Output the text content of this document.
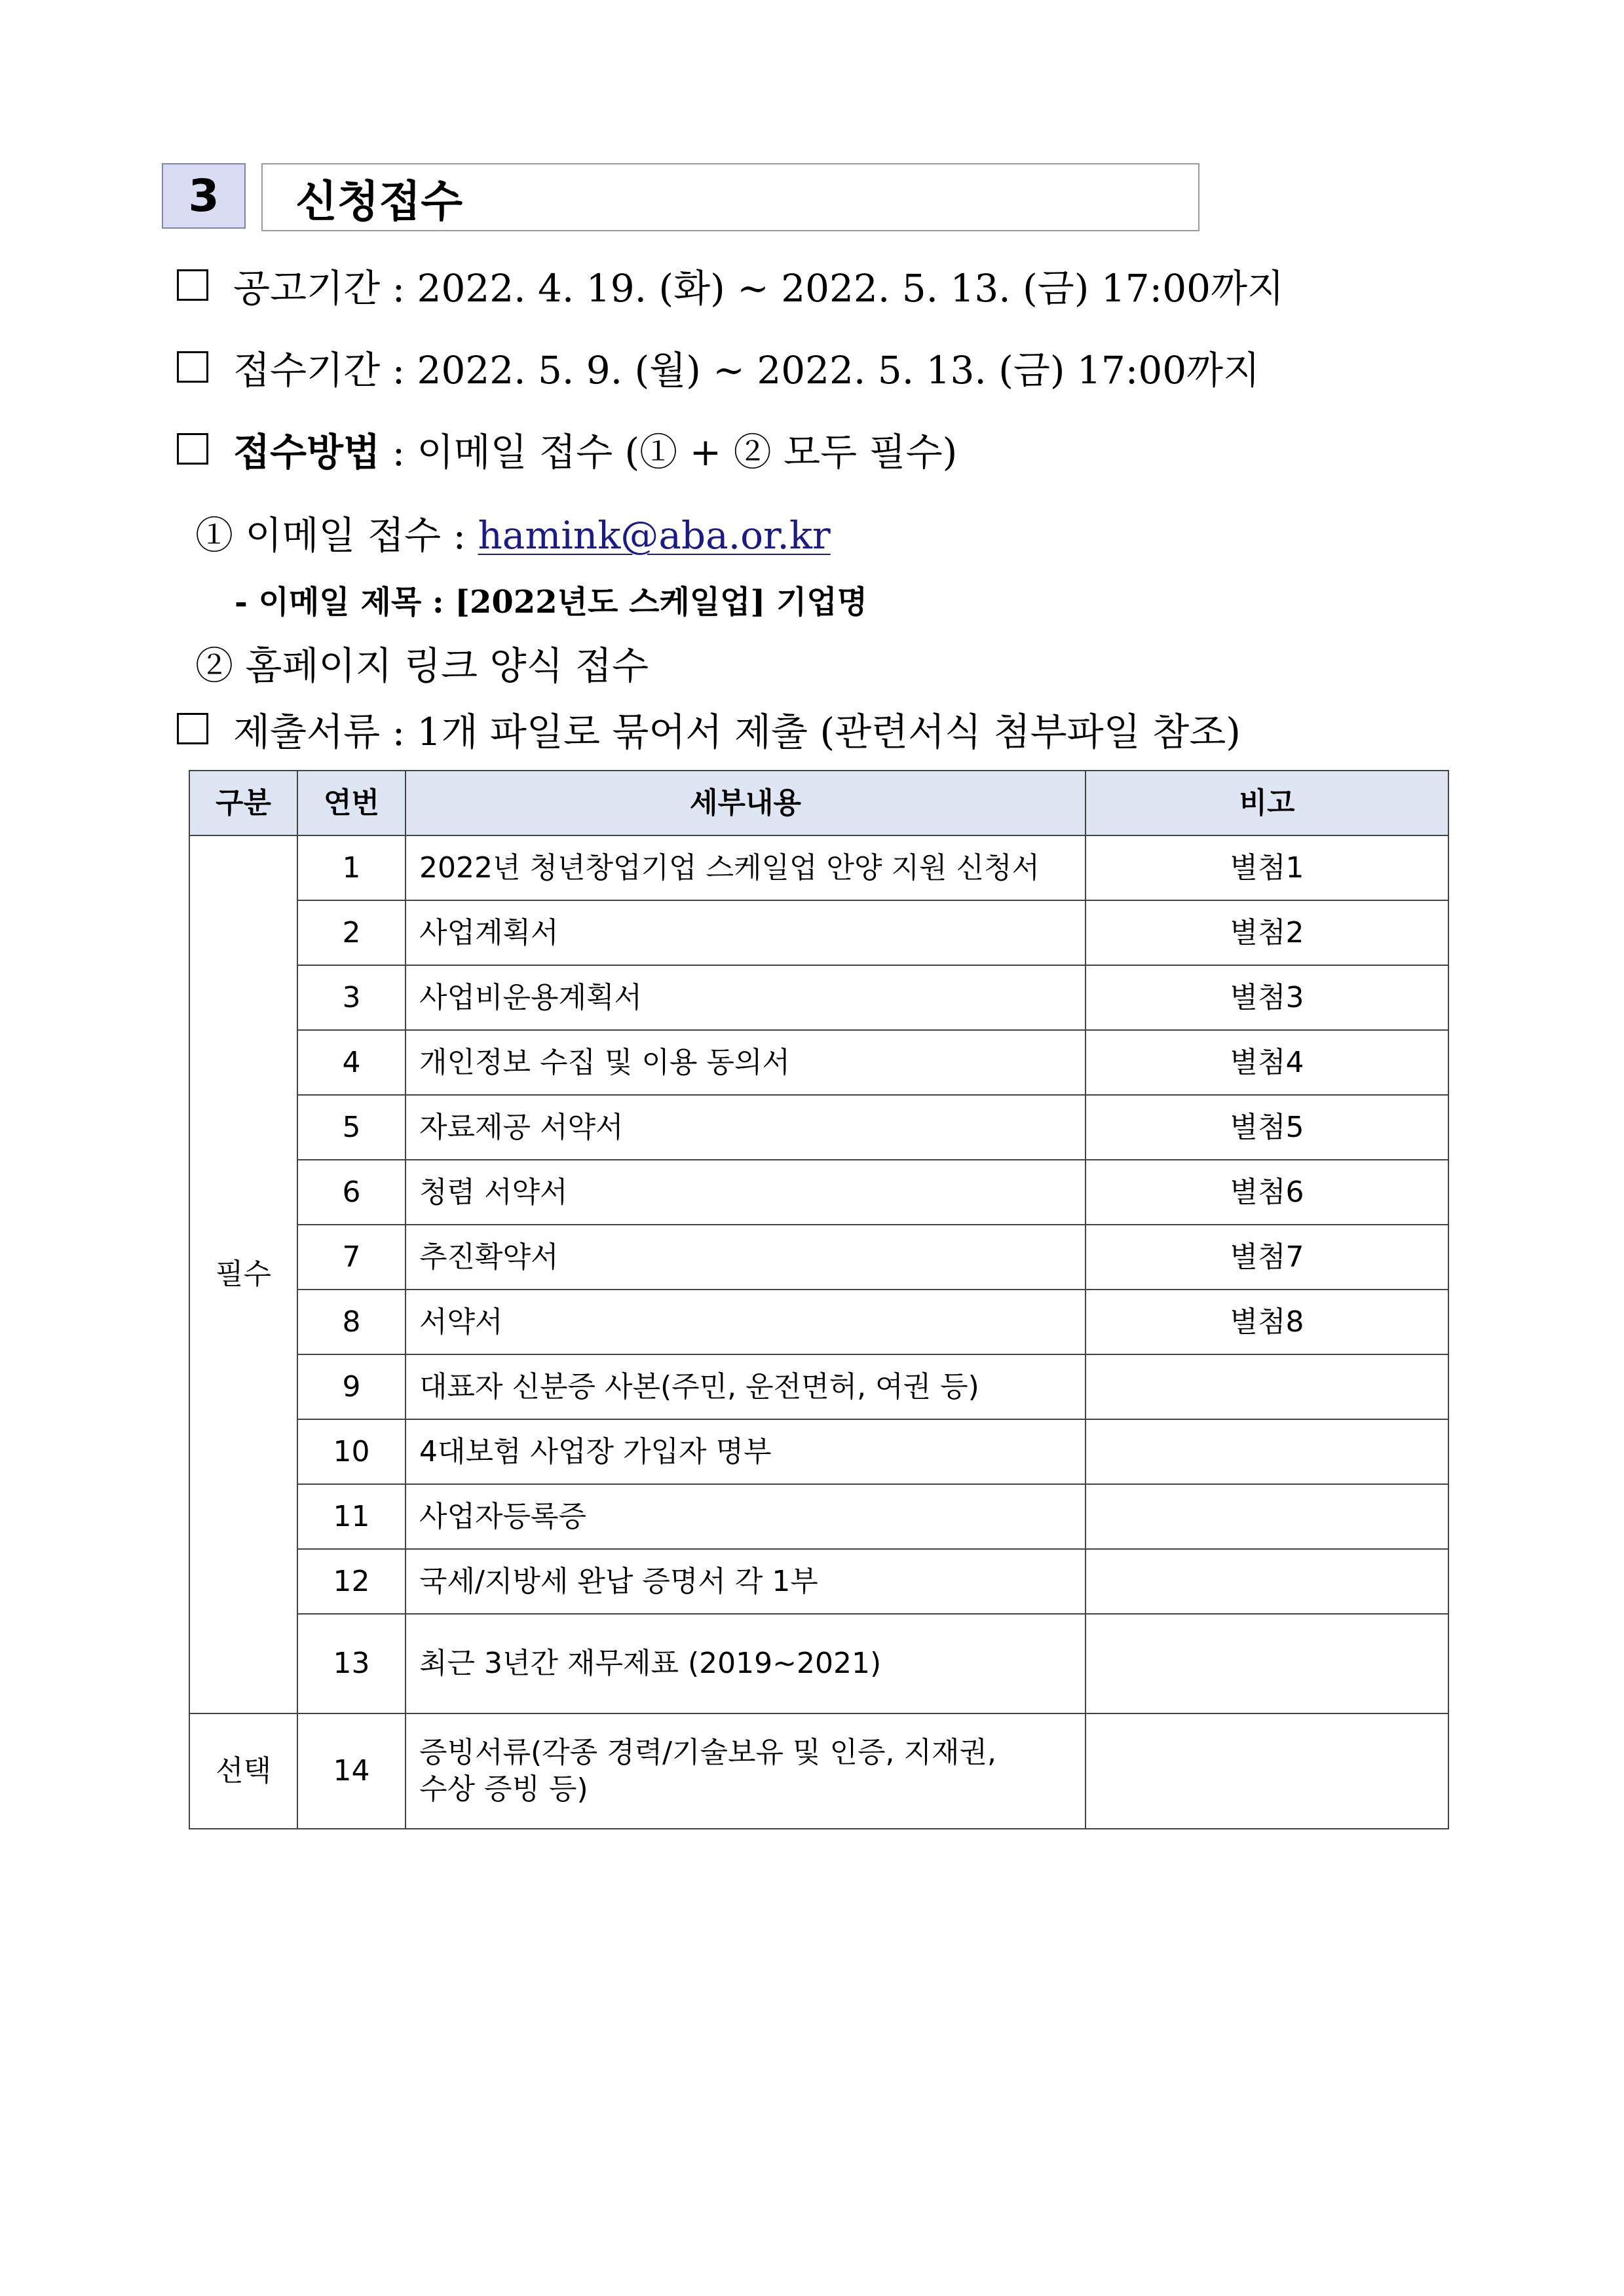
3	신청접수
공고기간
: 2022. 4. 19. (화) ~ 2022. 5. 13. (금) 17:00까지
접수기간
: 2022. 5. 9. (월) ~ 2022. 5. 13. (금) 17:00까지
접수방법
: 이메일 접수 (① + ② 모두 필수)
① 이메일 접수 : hamink@aba.or.kr
- 이메일 제목 : [2022년도 스케일업] 기업명
② 홈페이지 링크 양식 접수
제출서류
: 1개 파일로 묶어서 제출 (관련서식 첨부파일 참조)
구분	연번	세부내용	비고
필수	1	2022년 청년창업기업 스케일업 안양 지원 신청서	별첨1
	2	사업계획서	별첨2
	3	사업비운용계획서	별첨3
	4	개인정보 수집 및 이용 동의서	별첨4
	5	자료제공 서약서	별첨5
	6	청렴 서약서	별첨6
	7	추진확약서	별첨7
	8	서약서	별첨8
	9	대표자 신분증 사본(주민, 운전면허, 여권 등)	
	10	4대보험 사업장 가입자 명부	
	11	사업자등록증	
	12	국세/지방세 완납 증명서 각 1부	
	13	최근 3년간 재무제표 (2019~2021)	
선택	14	증빙서류(각종 경력/기술보유 및 인증, 지재권,
수상 증빙 등)	
